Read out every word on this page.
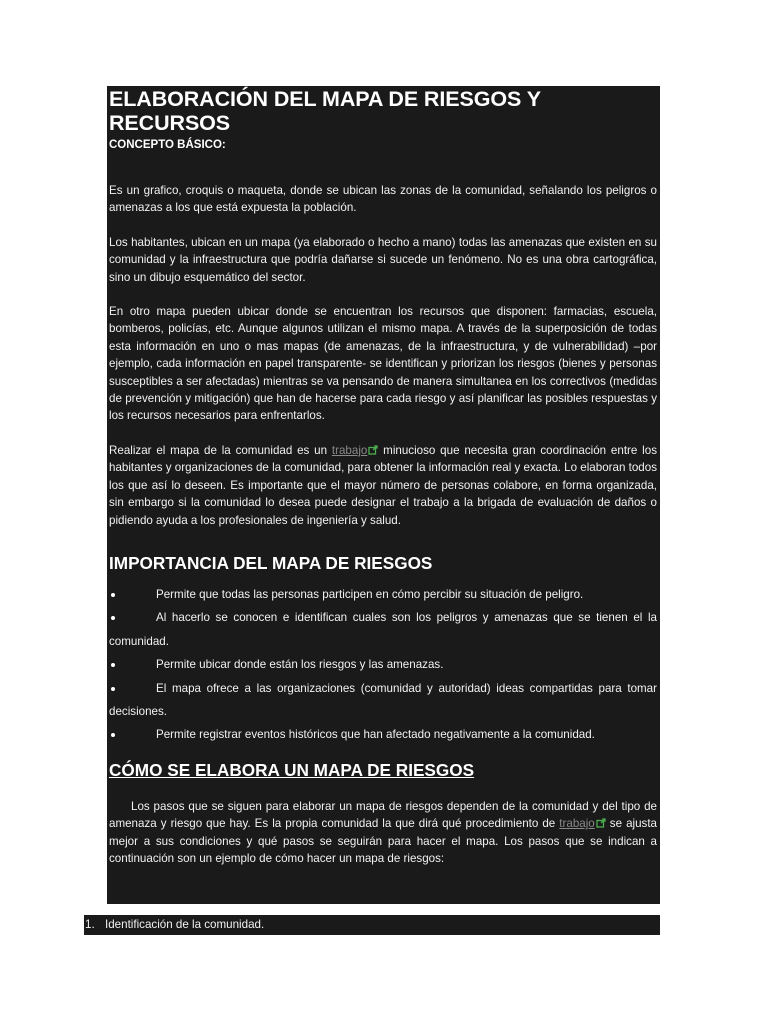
ELABORACIÓN DEL MAPA DE RIESGOS Y RECURSOS
CONCEPTO BÁSICO:

Es un grafico, croquis o maqueta, donde se ubican las zonas de la comunidad, señalando los peligros o amenazas a los que está expuesta la población.

Los habitantes, ubican en un mapa (ya elaborado o hecho a mano) todas las amenazas que existen en su comunidad y la infraestructura que podría dañarse si sucede un fenómeno. No es una obra cartográfica, sino un dibujo esquemático del sector.

En otro mapa pueden ubicar donde se encuentran los recursos que disponen: farmacias, escuela, bomberos, policías, etc. Aunque algunos utilizan el mismo mapa. A través de la superposición de todas esta información en uno o mas mapas (de amenazas, de la infraestructura, y de vulnerabilidad) –por ejemplo, cada información en papel transparente- se identifican y priorizan los riesgos (bienes y personas susceptibles a ser afectadas) mientras se va pensando de manera simultanea en los correctivos (medidas de prevención y mitigación) que han de hacerse para cada riesgo y así planificar las posibles respuestas y los recursos necesarios para enfrentarlos.

Realizar el mapa de la comunidad es un trabajo minucioso que necesita gran coordinación entre los habitantes y organizaciones de la comunidad, para obtener la información real y exacta. Lo elaboran todos los que así lo deseen. Es importante que el mayor número de personas colabore, en forma organizada, sin embargo si la comunidad lo desea puede designar el trabajo a la brigada de evaluación de daños o pidiendo ayuda a los profesionales de ingeniería y salud.

IMPORTANCIA DEL MAPA DE RIESGOS
Permite que todas las personas participen en cómo percibir su situación de peligro.
Al hacerlo se conocen e identifican cuales son los peligros y amenazas que se tienen el la comunidad.
Permite ubicar donde están los riesgos y las amenazas.
El mapa ofrece a las organizaciones (comunidad y autoridad) ideas compartidas para tomar decisiones.
Permite registrar eventos históricos que han afectado negativamente a la comunidad.
CÓMO SE ELABORA UN MAPA DE RIESGOS

Los pasos que se siguen para elaborar un mapa de riesgos dependen de la comunidad y del tipo de amenaza y riesgo que hay. Es la propia comunidad la que dirá qué procedimiento de trabajo se ajusta mejor a sus condiciones y qué pasos se seguirán para hacer el mapa. Los pasos que se indican a continuación son un ejemplo de cómo hacer un mapa de riesgos:

1. Identificación de la comunidad.
